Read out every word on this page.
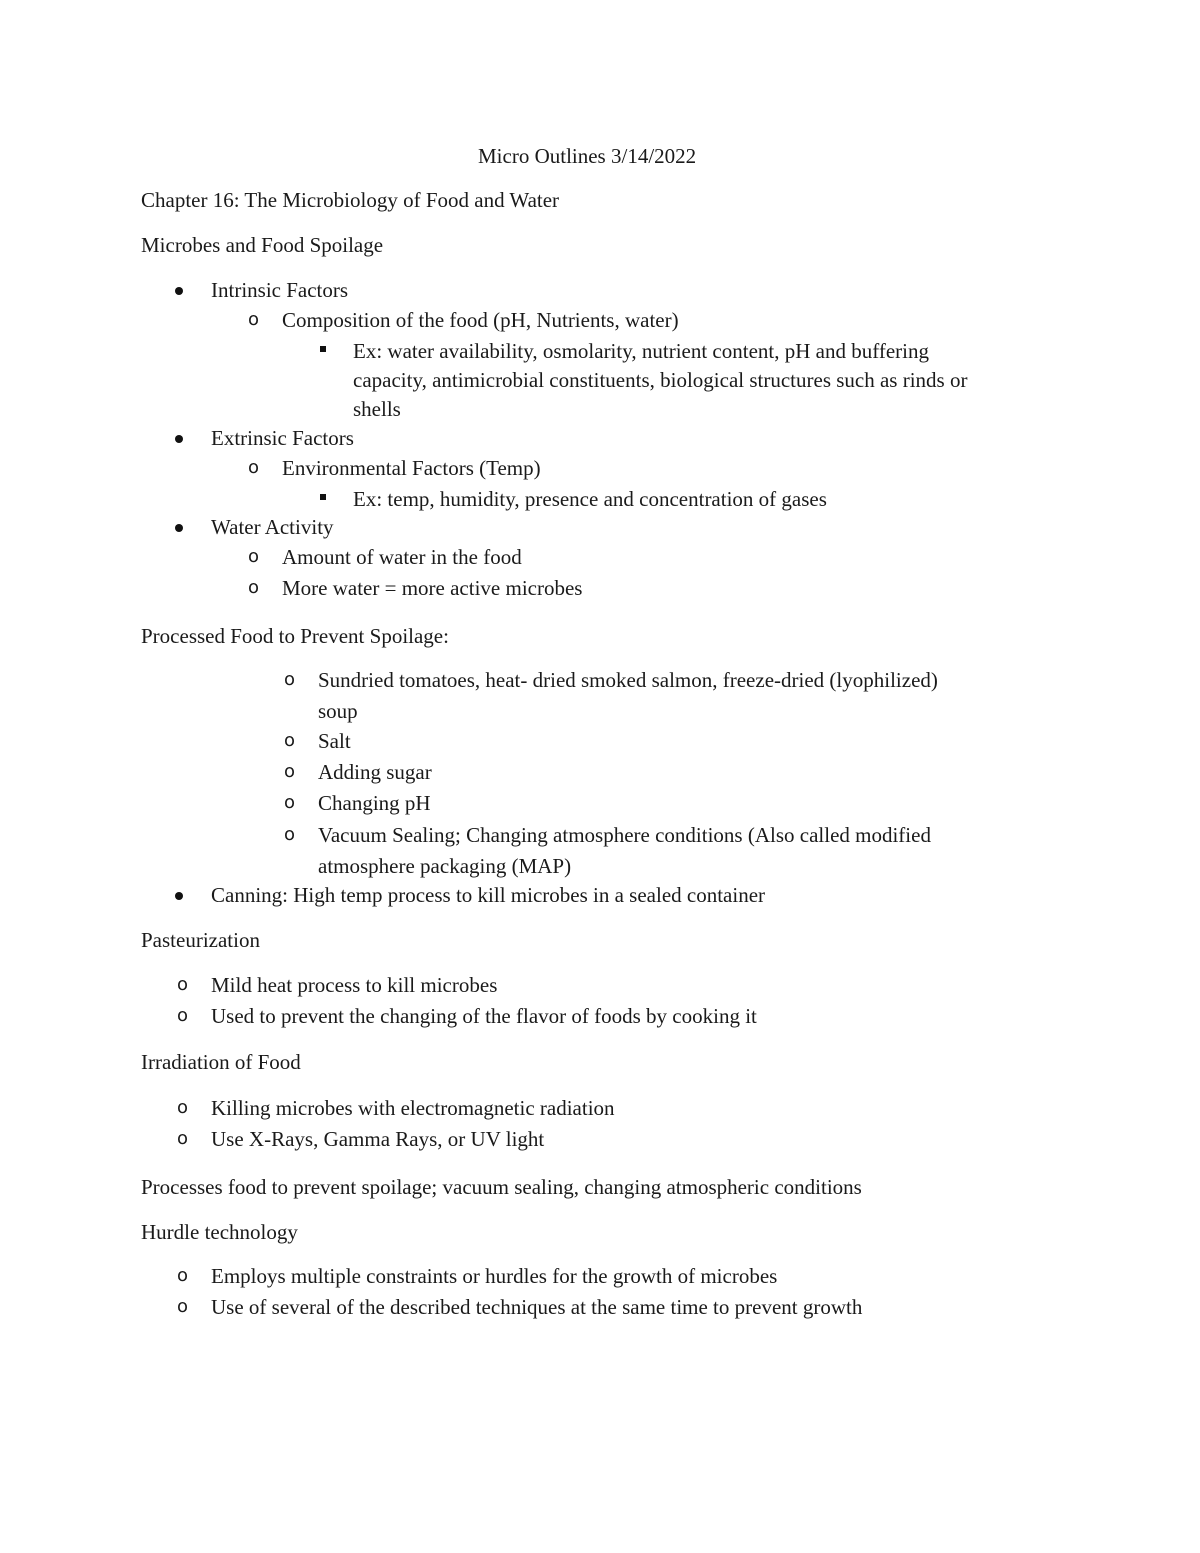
Micro Outlines 3/14/2022
Chapter 16: The Microbiology of Food and Water
Microbes and Food Spoilage
Intrinsic Factors
o Composition of the food (pH, Nutrients, water)
Ex: water availability, osmolarity, nutrient content, pH and buffering
capacity, antimicrobial constituents, biological structures such as rinds or
shells
Extrinsic Factors
o Environmental Factors (Temp)
Ex: temp, humidity, presence and concentration of gases
Water Activity
o Amount of water in the food
o More water = more active microbes
Processed Food to Prevent Spoilage:
o Sundried tomatoes, heat- dried smoked salmon, freeze-dried (lyophilized)
soup
o Salt
o Adding sugar
o Changing pH
o Vacuum Sealing; Changing atmosphere conditions (Also called modified
atmosphere packaging (MAP)
Canning: High temp process to kill microbes in a sealed container
Pasteurization
o Mild heat process to kill microbes
o Used to prevent the changing of the flavor of foods by cooking it
Irradiation of Food
o Killing microbes with electromagnetic radiation
o Use X-Rays, Gamma Rays, or UV light
Processes food to prevent spoilage; vacuum sealing, changing atmospheric conditions
Hurdle technology
o Employs multiple constraints or hurdles for the growth of microbes
o Use of several of the described techniques at the same time to prevent growth
